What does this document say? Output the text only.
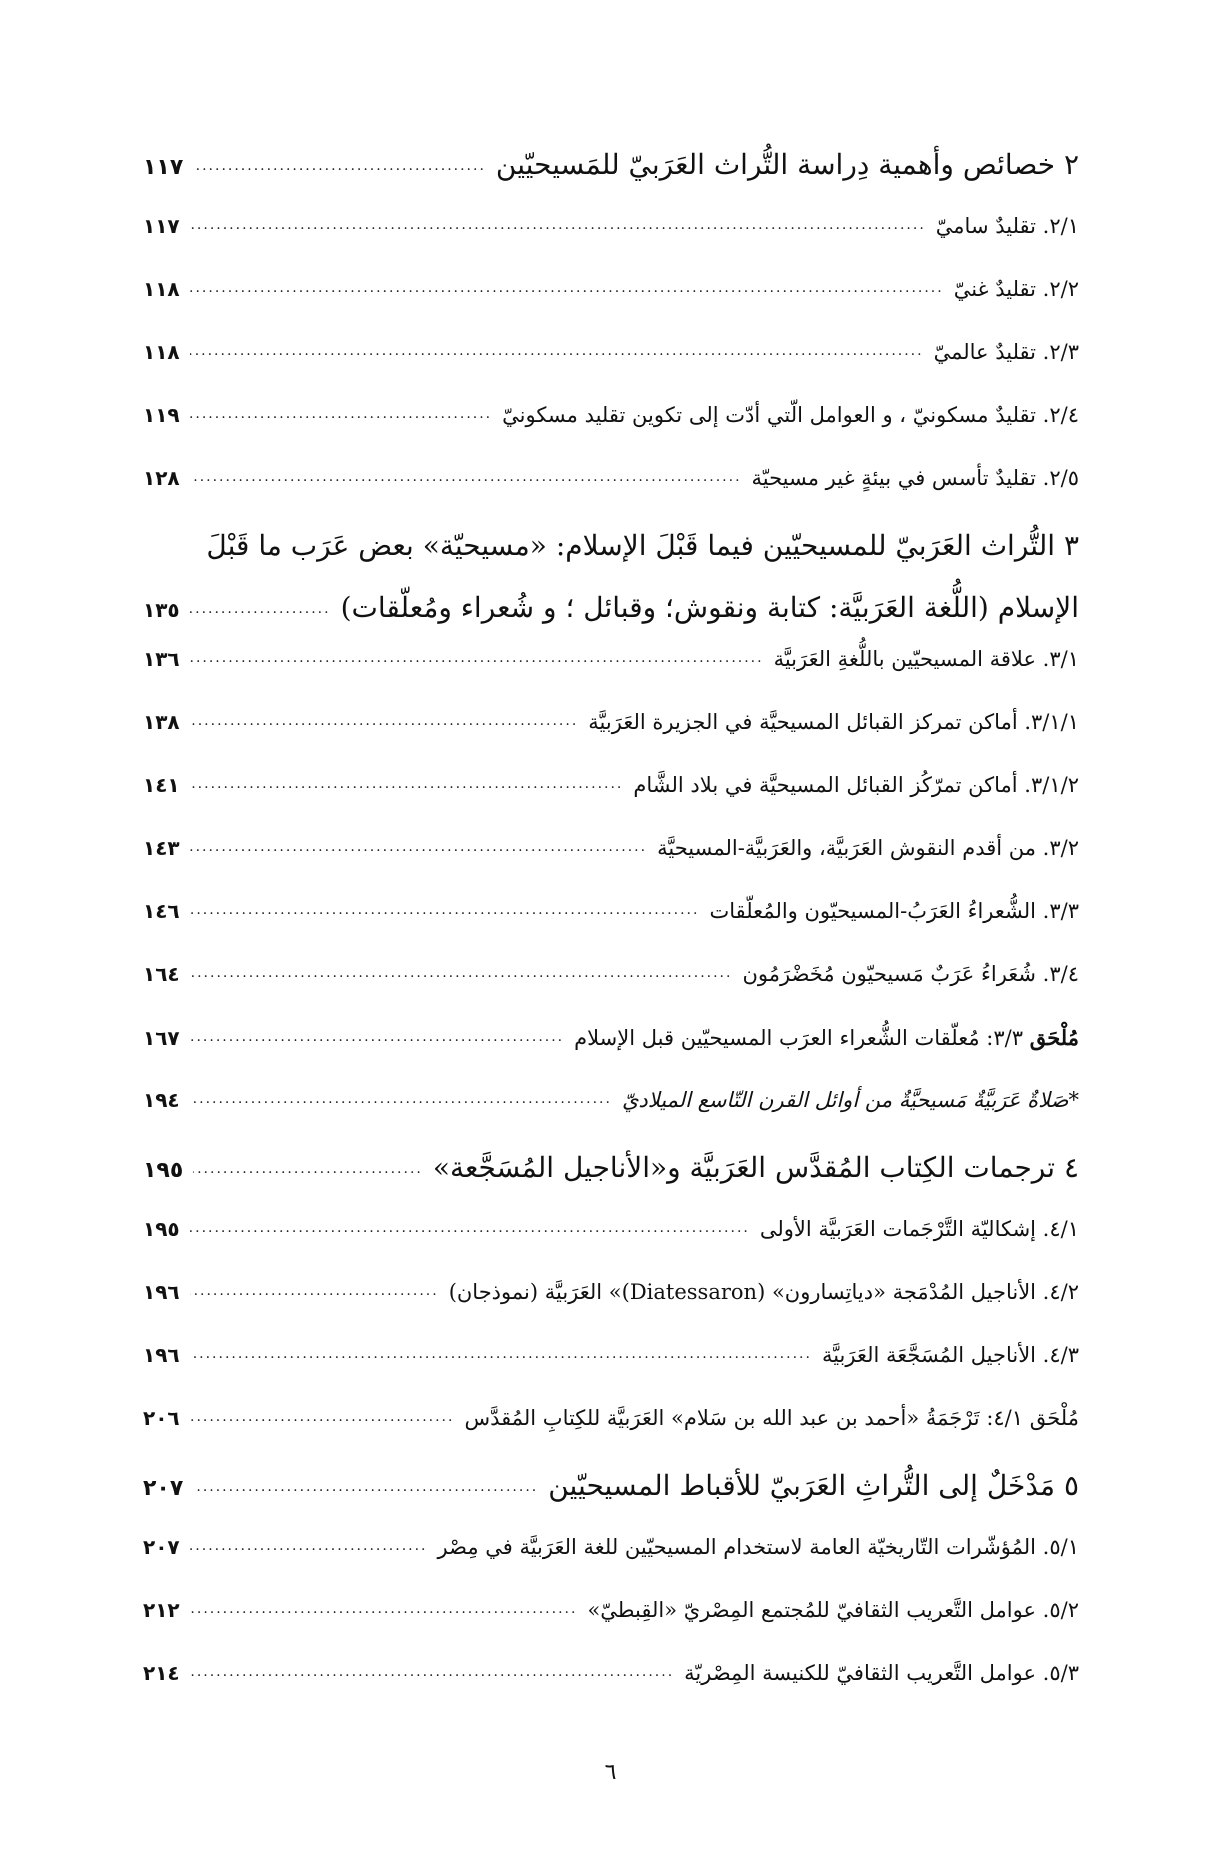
٢ خصائص وأهمية دِراسة التُّراث العَرَبيّ للمَسيحيّين
.....
١١٧
٢/١. تقليدٌ ساميّ
.....
١١٧
٢/٢. تقليدٌ غنيّ
.....
١١٨
٢/٣. تقليدٌ عالميّ
.....
١١٨
٢/٤. تقليدٌ مسكونيّ ، و العوامل الّتي أدّت إلى تكوين تقليد مسكونيّ
.....
١١٩
٢/٥. تقليدٌ تأسس في بيئةٍ غير مسيحيّة
.....
١٢٨
٣ التُّراث العَرَبيّ للمسيحيّين فيما قَبْلَ الإسلام: «مسيحيّة» بعض عَرَب ما قَبْلَ
الإسلام (اللُّغة العَرَبيَّة: كتابة ونقوش؛ وقبائل ؛ و شُعراء ومُعلّقات)
.....
١٣٥
٣/١. علاقة المسيحيّين باللُّغةِ العَرَبيَّة
.....
١٣٦
٣/١/١. أماكن تمركز القبائل المسيحيَّة في الجزيرة العَرَبيَّة
.....
١٣٨
٣/١/٢. أماكن تمرّكُز القبائل المسيحيَّة في بلاد الشَّام
.....
١٤١
٣/٢. من أقدم النقوش العَرَبيَّة، والعَرَبيَّة-المسيحيَّة
.....
١٤٣
٣/٣. الشُّعراءُ العَرَبُ-المسيحيّون والمُعلّقات
.....
١٤٦
٣/٤. شُعَراءُ عَرَبٌ مَسيحيّون مُخَضْرَمُون
.....
١٦٤
مُلْحَق ٣/٣: مُعلّقات الشُّعراء العرَب المسيحيّين قبل الإسلام
.....
١٦٧
*صَلاةٌ عَرَبيَّةٌ مَسيحيَّةٌ من أوائل القرن التّاسع الميلاديّ
.....
١٩٤
٤ ترجمات الكِتاب المُقدَّس العَرَبيَّة و«الأناجيل المُسَجَّعة»
.....
١٩٥
٤/١. إشكاليّة التَّرْجَمات العَرَبيَّة الأولى
.....
١٩٥
٤/٢. الأناجيل المُدْمَجة «دياتِسارون» (Diatessaron)» العَرَبيَّة (نموذجان)
.....
١٩٦
٤/٣. الأناجيل المُسَجَّعَة العَرَبيَّة
.....
١٩٦
مُلْحَق ٤/١: تَرْجَمَةُ «أحمد بن عبد الله بن سَلام» العَرَبيَّة للكِتابِ المُقدَّس
.....
٢٠٦
٥ مَدْخَلٌ إلى التُّراثِ العَرَبيّ للأقباط المسيحيّين
.....
٢٠٧
٥/١. المُؤشّرات التّاريخيّة العامة لاستخدام المسيحيّين للغة العَرَبيَّة في مِصْر
.....
٢٠٧
٥/٢. عوامل التَّعريب الثقافيّ للمُجتمع المِصْريّ «القِبطيّ»
.....
٢١٢
٥/٣. عوامل التَّعريب الثقافيّ للكنيسة المِصْريّة
.....
٢١٤
٦
